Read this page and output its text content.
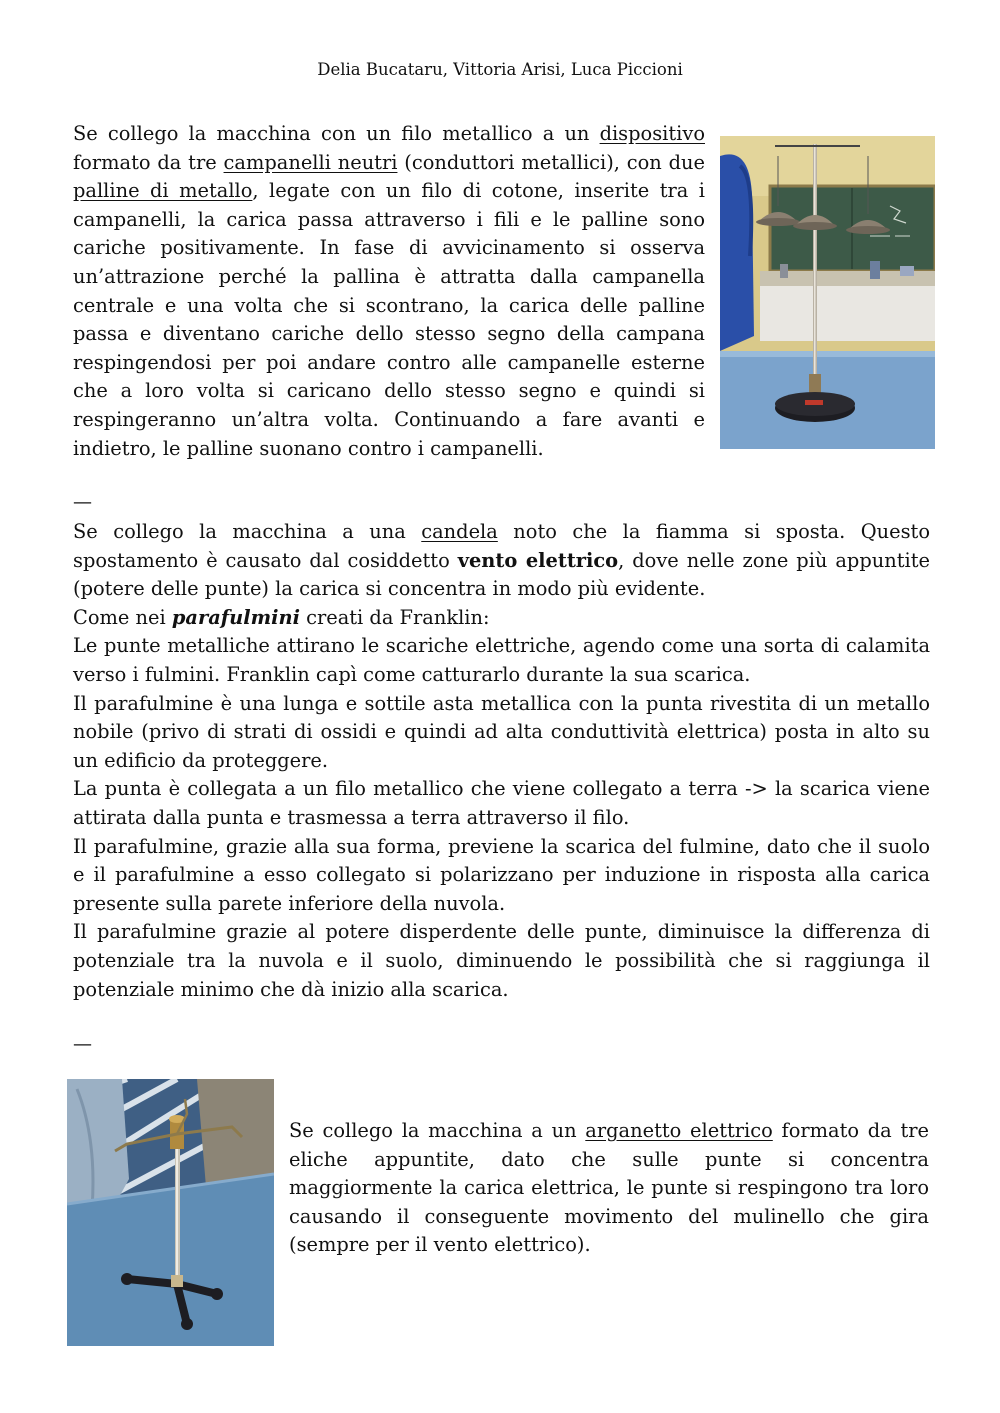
Delia Bucataru, Vittoria Arisi, Luca Piccioni

Se collego la macchina con un filo metallico a un dispositivo formato da tre campanelli neutri (conduttori metallici), con due palline di metallo, legate con un filo di cotone, inserite tra i campanelli, la carica passa attraverso i fili e le palline sono cariche positivamente. In fase di avvicinamento si osserva un’attrazione perché la pallina è attratta dalla campanella centrale e una volta che si scontrano, la carica delle palline passa e diventano cariche dello stesso segno della campana respingendosi per poi andare contro alle campanelle esterne che a loro volta si caricano dello stesso segno e quindi si respingeranno un’altra volta. Continuando a fare avanti e indietro, le palline suonano contro i campanelli.

—

Se collego la macchina a una candela noto che la fiamma si sposta. Questo spostamento è causato dal cosiddetto vento elettrico, dove nelle zone più appuntite (potere delle punte) la carica si concentra in modo più evidente.

Come nei parafulmini creati da Franklin:

Le punte metalliche attirano le scariche elettriche, agendo come una sorta di calamita verso i fulmini. Franklin capì come catturarlo durante la sua scarica.

Il parafulmine è una lunga e sottile asta metallica con la punta rivestita di un metallo nobile (privo di strati di ossidi e quindi ad alta conduttività elettrica) posta in alto su un edificio da proteggere.

La punta è collegata a un filo metallico che viene collegato a terra -> la scarica viene attirata dalla punta e trasmessa a terra attraverso il filo.

Il parafulmine, grazie alla sua forma, previene la scarica del fulmine, dato che il suolo e il parafulmine a esso collegato si polarizzano per induzione in risposta alla carica presente sulla parete inferiore della nuvola.

Il parafulmine grazie al potere disperdente delle punte, diminuisce la differenza di potenziale tra la nuvola e il suolo, diminuendo le possibilità che si raggiunga il potenziale minimo che dà inizio alla scarica.

—

Se collego la macchina a un arganetto elettrico formato da tre eliche appuntite, dato che sulle punte si concentra maggiormente la carica elettrica, le punte si respingono tra loro causando il conseguente movimento del mulinello che gira (sempre per il vento elettrico).
